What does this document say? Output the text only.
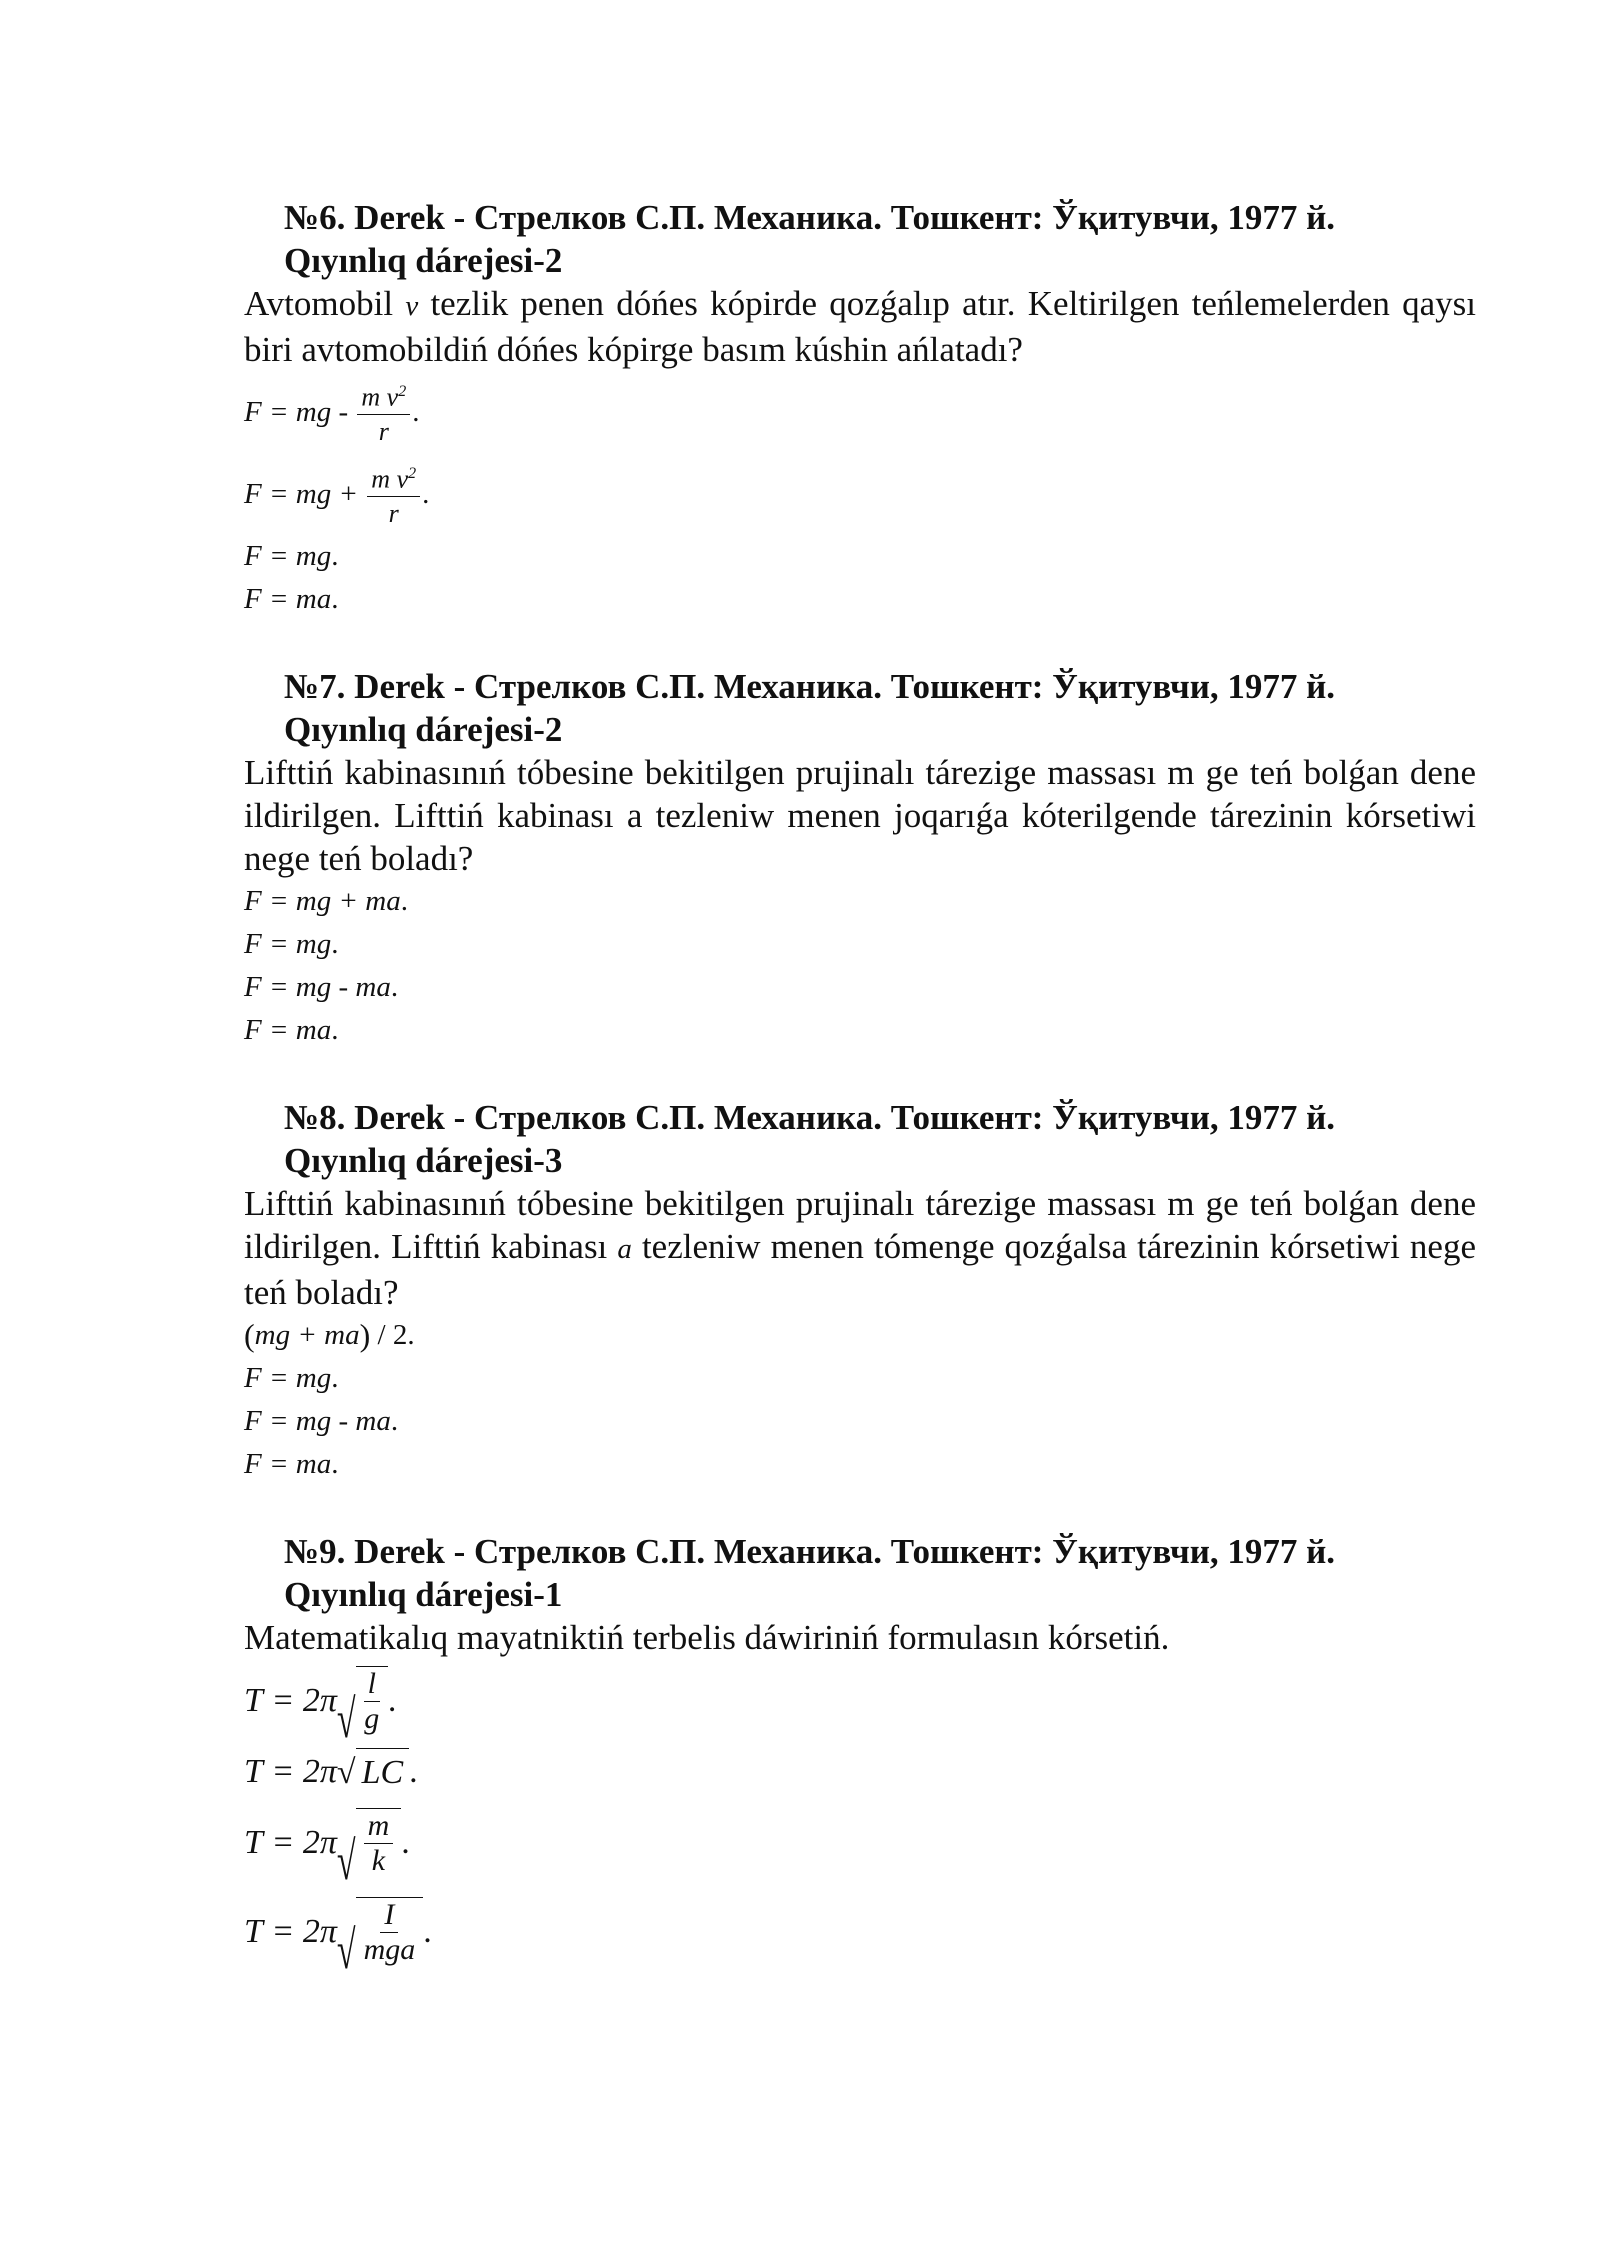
№6. Derek - Стрелков С.П. Механика. Тошкент: Ўқитувчи, 1977 й.
Qıyınlıq dárejesi-2
Avtomobil v tezlik penen dóńes kópirde qozǵalıp atır. Keltirilgen teńlemelerden qaysı biri avtomobildiń dóńes kópirge basım kúshin ańlatadı?
F = mg - $\frac{m v^2}{r}$ .
F = mg + $\frac{m v^2}{r}$ .
F = mg .
F = ma .
№7. Derek - Стрелков С.П. Механика. Тошкент: Ўқитувчи, 1977 й.
Qıyınlıq dárejesi-2
Lifttiń kabinasınıń tóbesine bekitilgen prujinalı tárezige massası m ge teń bolǵan dene ildirilgen. Lifttiń kabinası a tezleniw menen joqarıǵa kóterilgende tárezinin kórsetiwi nege teń boladı?
F = mg + ma .
F = mg .
F = mg - ma .
F = ma .
№8. Derek - Стрелков С.П. Механика. Тошкент: Ўқитувчи, 1977 й.
Qıyınlıq dárejesi-3
Lifttiń kabinasınıń tóbesine bekitilgen prujinalı tárezige massası m ge teń bolǵan dene ildirilgen. Lifttiń kabinası a tezleniw menen tómenge qozǵalsa tárezinin kórsetiwi nege teń boladı?
( mg + ma ) / 2 .
F = mg .
F = mg - ma .
F = ma .
№9. Derek - Стрелков С.П. Механика. Тошкент: Ўқитувчи, 1977 й.
Qıyınlıq dárejesi-1
Matematikalıq mayatniktiń terbelis dáwiriniń formulasın kórsetiń.
T = 2 π √ $\frac{l}{g}$ .
T = 2 π √ LC .
T = 2 π √ $\frac{m}{k}$ .
T = 2 π √ $\frac{I}{\text{mga}}$ .
